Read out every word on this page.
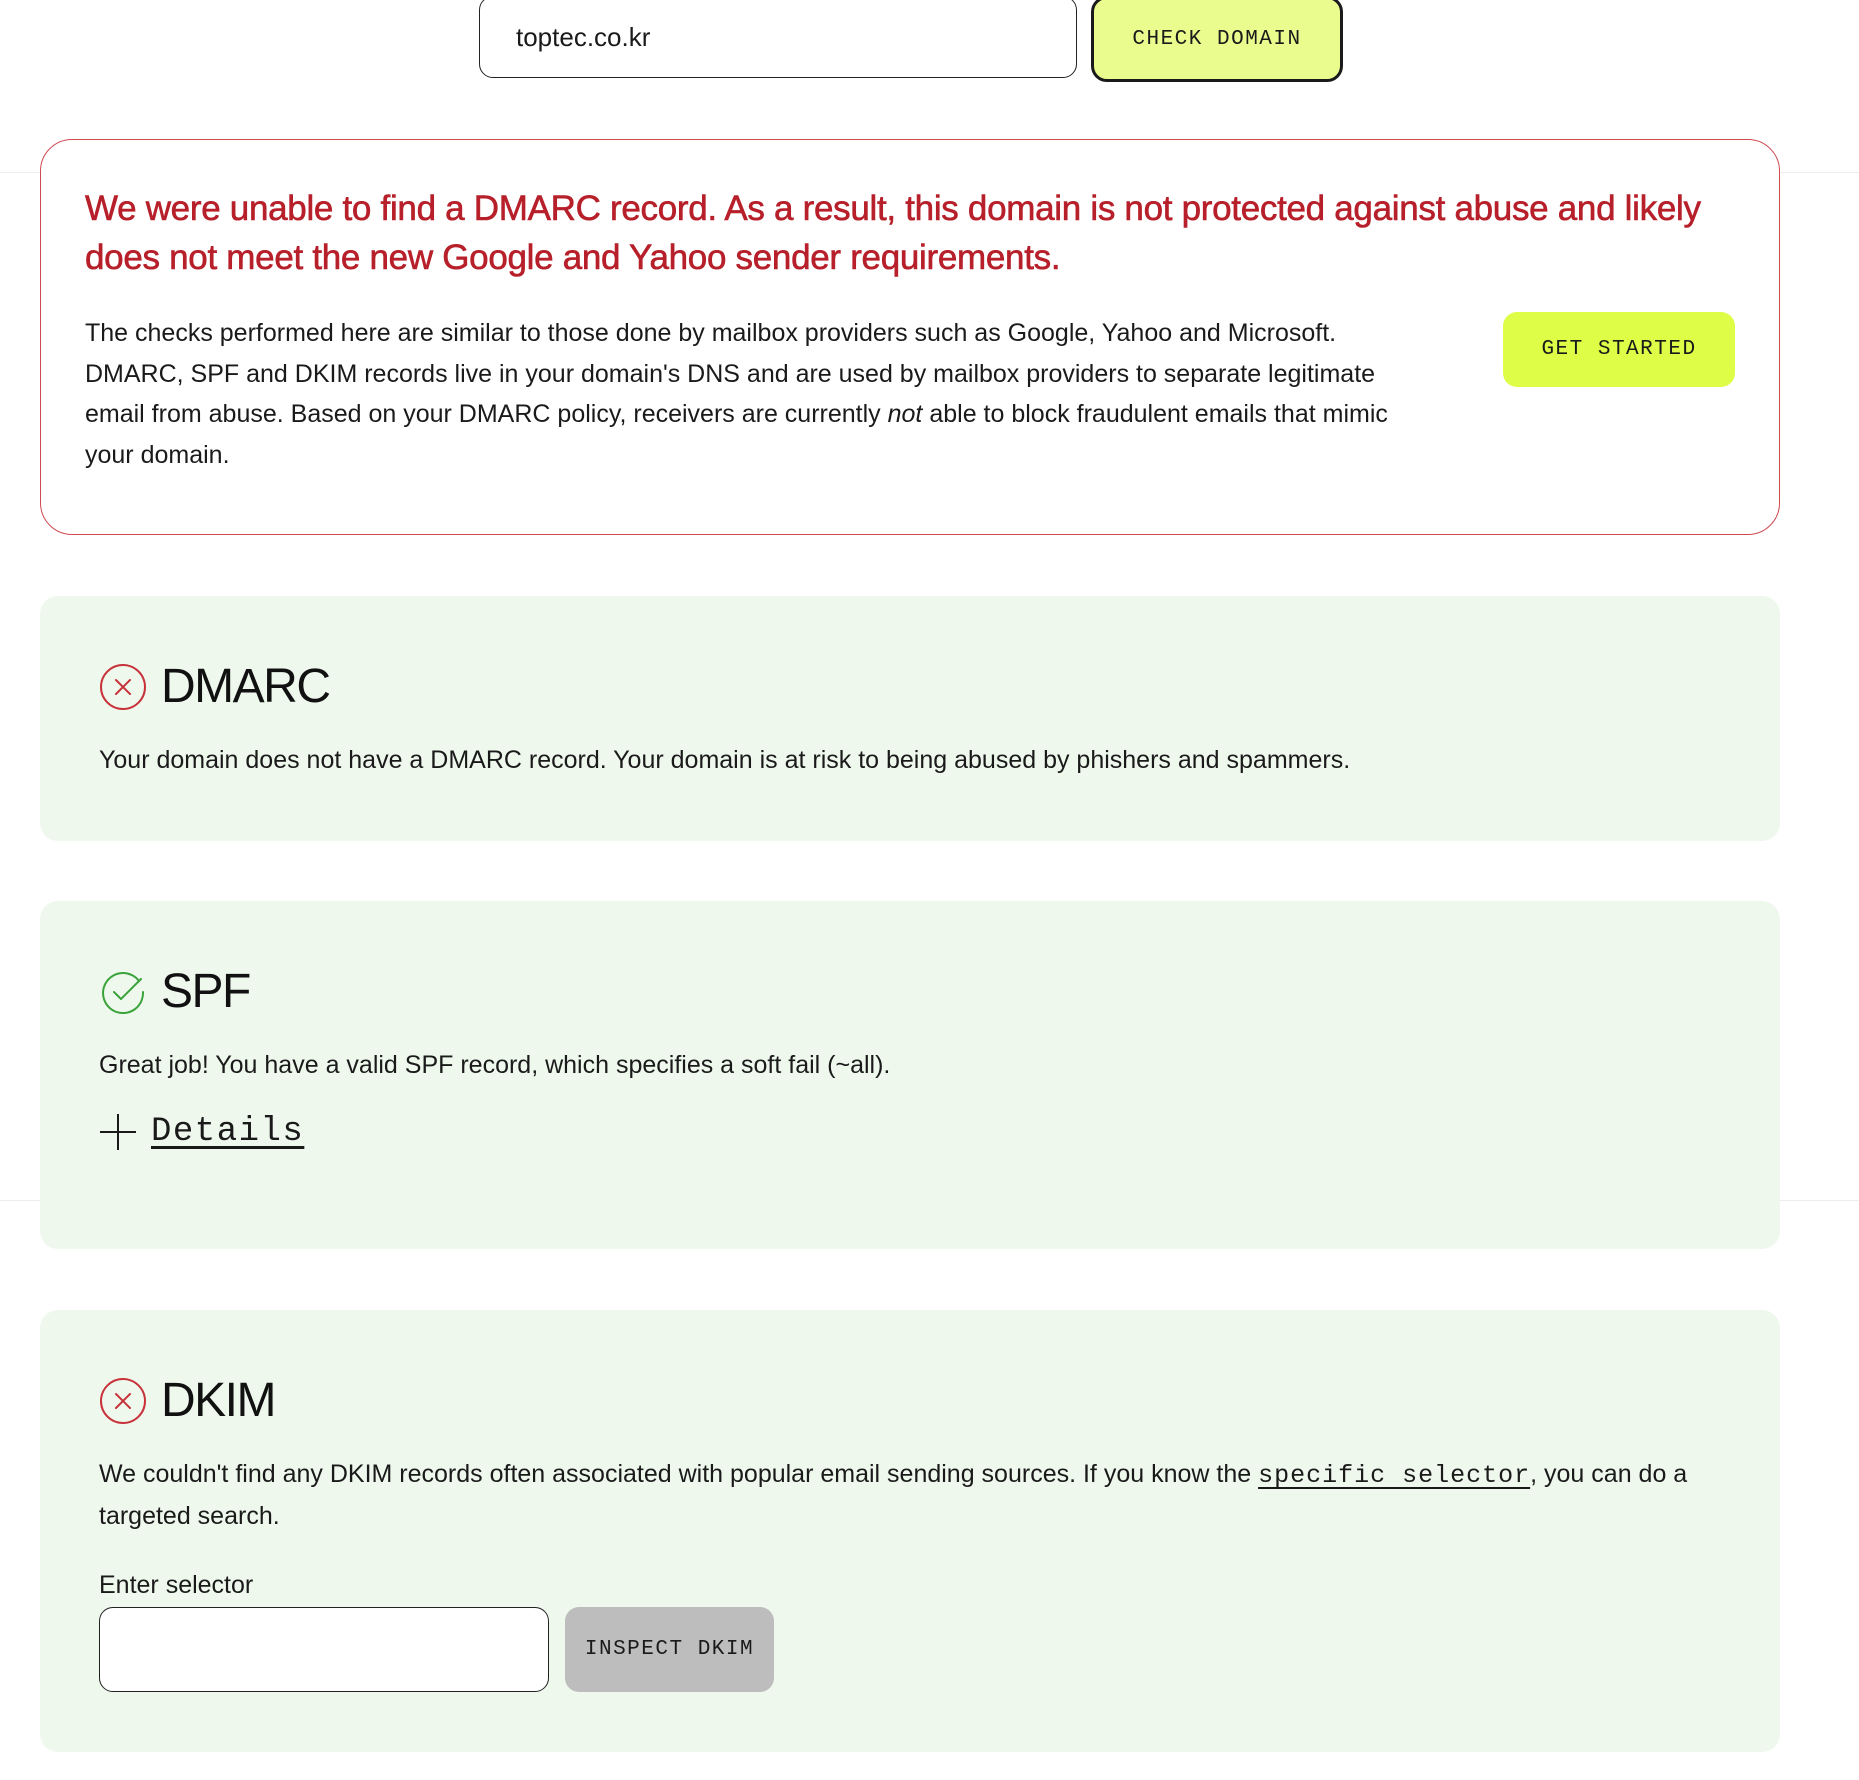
toptec.co.kr
CHECK DOMAIN
We were unable to find a DMARC record. As a result, this domain is not protected against abuse and likely does not meet the new Google and Yahoo sender requirements.

The checks performed here are similar to those done by mailbox providers such as Google, Yahoo and Microsoft. DMARC, SPF and DKIM records live in your domain's DNS and are used by mailbox providers to separate legitimate email from abuse. Based on your DMARC policy, receivers are currently not able to block fraudulent emails that mimic your domain.

GET STARTED
DMARC

Your domain does not have a DMARC record. Your domain is at risk to being abused by phishers and spammers.

SPF

Great job! You have a valid SPF record, which specifies a soft fail (~all).

Details
DKIM

We couldn't find any DKIM records often associated with popular email sending sources. If you know the specific selector, you can do a targeted search.

Enter selector
INSPECT DKIM
